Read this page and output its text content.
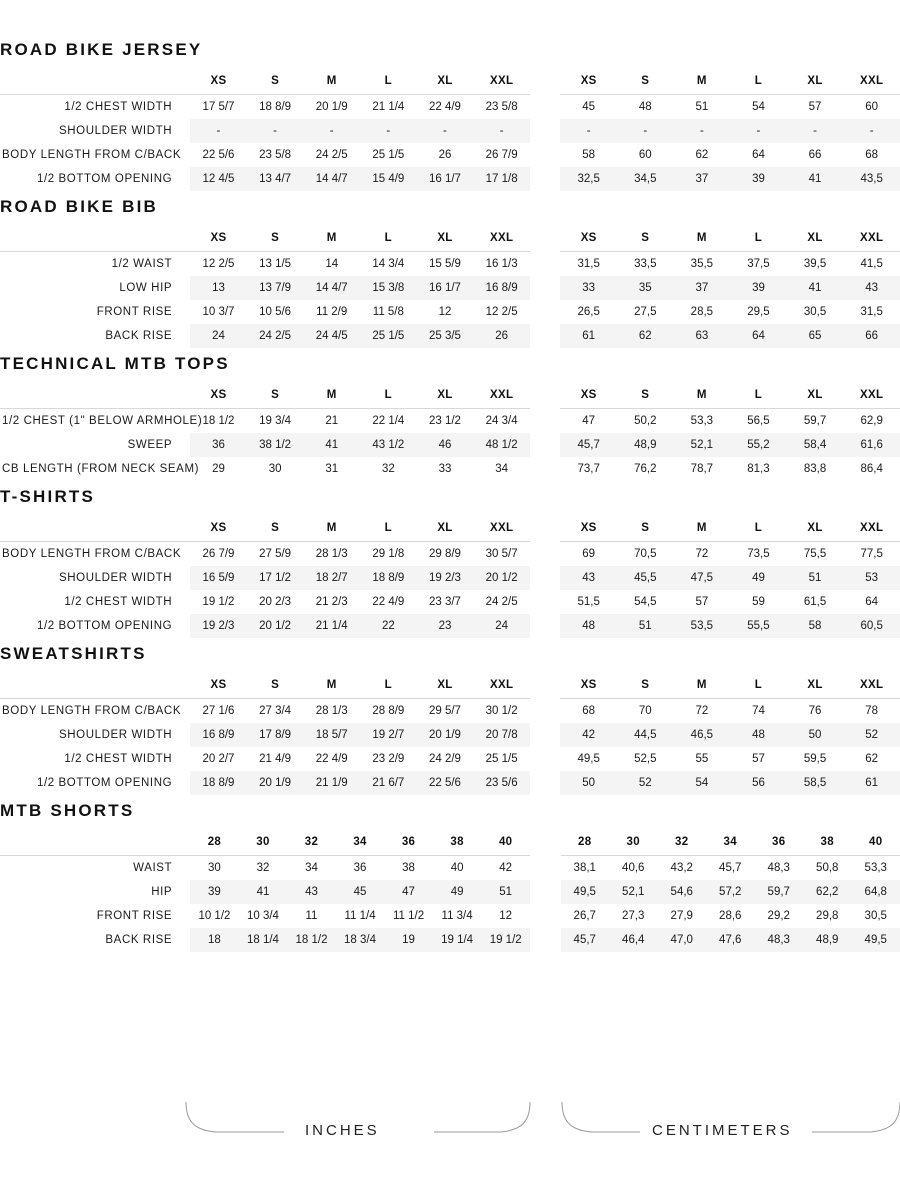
ROAD BIKE JERSEY
	XS	S	M	L	XL	XXL
1/2 CHEST WIDTH	17 5/7	18 8/9	20 1/9	21 1/4	22 4/9	23 5/8
SHOULDER WIDTH	-	-	-	-	-	-
BODY LENGTH FROM C/BACK	22 5/6	23 5/8	24 2/5	25 1/5	26	26 7/9
1/2 BOTTOM OPENING	12 4/5	13 4/7	14 4/7	15 4/9	16 1/7	17 1/8
	XS	S	M	L	XL	XXL
	45	48	51	54	57	60
	-	-	-	-	-	-
	58	60	62	64	66	68
	32,5	34,5	37	39	41	43,5
ROAD BIKE BIB
	XS	S	M	L	XL	XXL
1/2 WAIST	12 2/5	13 1/5	14	14 3/4	15 5/9	16 1/3
LOW HIP	13	13 7/9	14 4/7	15 3/8	16 1/7	16 8/9
FRONT RISE	10 3/7	10 5/6	11 2/9	11 5/8	12	12 2/5
BACK RISE	24	24 2/5	24 4/5	25 1/5	25 3/5	26
	XS	S	M	L	XL	XXL
	31,5	33,5	35,5	37,5	39,5	41,5
	33	35	37	39	41	43
	26,5	27,5	28,5	29,5	30,5	31,5
	61	62	63	64	65	66
TECHNICAL MTB TOPS
	XS	S	M	L	XL	XXL
1/2 CHEST (1" BELOW ARMHOLE)	18 1/2	19 3/4	21	22 1/4	23 1/2	24 3/4
SWEEP	36	38 1/2	41	43 1/2	46	48 1/2
CB LENGTH (FROM NECK SEAM)	29	30	31	32	33	34
	XS	S	M	L	XL	XXL
	47	50,2	53,3	56,5	59,7	62,9
	45,7	48,9	52,1	55,2	58,4	61,6
	73,7	76,2	78,7	81,3	83,8	86,4
T-SHIRTS
	XS	S	M	L	XL	XXL
BODY LENGTH FROM C/BACK	26 7/9	27 5/9	28 1/3	29 1/8	29 8/9	30 5/7
SHOULDER WIDTH	16 5/9	17 1/2	18 2/7	18 8/9	19 2/3	20 1/2
1/2 CHEST WIDTH	19 1/2	20 2/3	21 2/3	22 4/9	23 3/7	24 2/5
1/2 BOTTOM OPENING	19 2/3	20 1/2	21 1/4	22	23	24
	XS	S	M	L	XL	XXL
	69	70,5	72	73,5	75,5	77,5
	43	45,5	47,5	49	51	53
	51,5	54,5	57	59	61,5	64
	48	51	53,5	55,5	58	60,5
SWEATSHIRTS
	XS	S	M	L	XL	XXL
BODY LENGTH FROM C/BACK	27 1/6	27 3/4	28 1/3	28 8/9	29 5/7	30 1/2
SHOULDER WIDTH	16 8/9	17 8/9	18 5/7	19 2/7	20 1/9	20 7/8
1/2 CHEST WIDTH	20 2/7	21 4/9	22 4/9	23 2/9	24 2/9	25 1/5
1/2 BOTTOM OPENING	18 8/9	20 1/9	21 1/9	21 6/7	22 5/6	23 5/6
	XS	S	M	L	XL	XXL
	68	70	72	74	76	78
	42	44,5	46,5	48	50	52
	49,5	52,5	55	57	59,5	62
	50	52	54	56	58,5	61
MTB SHORTS
	28	30	32	34	36	38	40
WAIST	30	32	34	36	38	40	42
HIP	39	41	43	45	47	49	51
FRONT RISE	10 1/2	10 3/4	11	11 1/4	11 1/2	11 3/4	12
BACK RISE	18	18 1/4	18 1/2	18 3/4	19	19 1/4	19 1/2
	28	30	32	34	36	38	40
	38,1	40,6	43,2	45,7	48,3	50,8	53,3
	49,5	52,1	54,6	57,2	59,7	62,2	64,8
	26,7	27,3	27,9	28,6	29,2	29,8	30,5
	45,7	46,4	47,0	47,6	48,3	48,9	49,5
INCHES	CENTIMETERS
